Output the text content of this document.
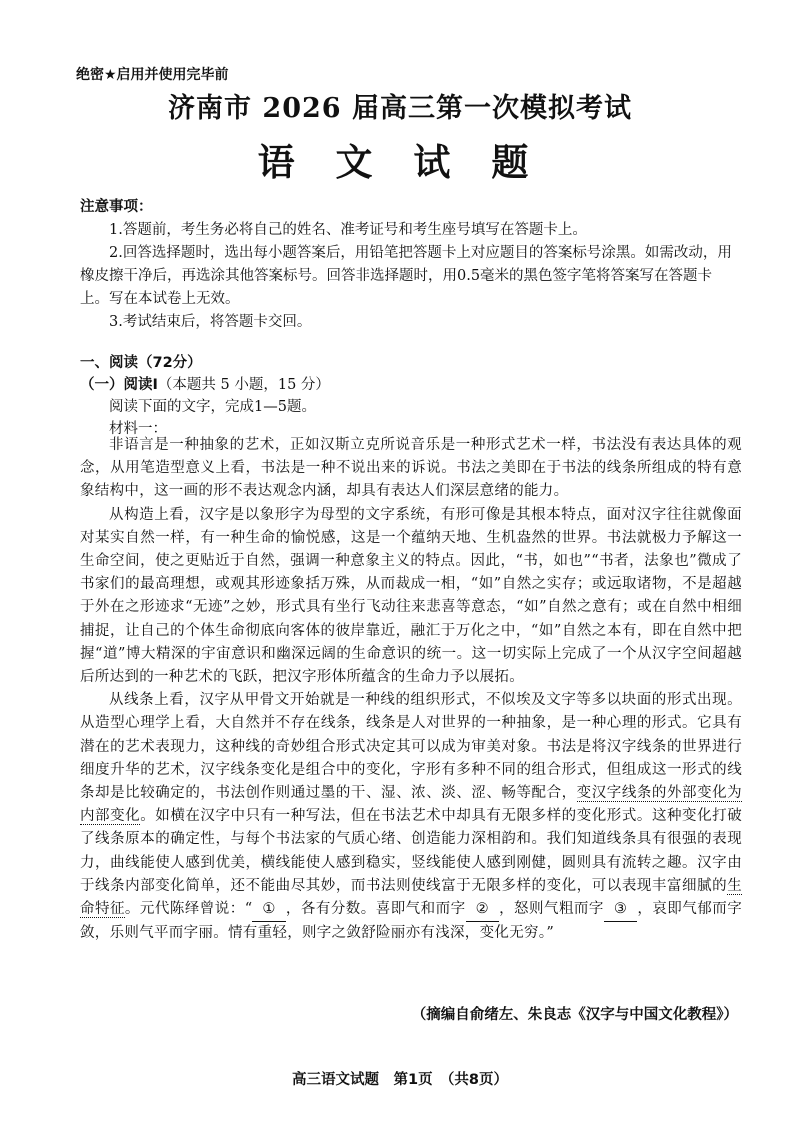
绝密★启用并使用完毕前
济南市 2026 届高三第一次模拟考试
语 文 试 题
注意事项：

1.答题前，考生务必将自己的姓名、准考证号和考生座号填写在答题卡上。

2.回答选择题时，选出每小题答案后，用铅笔把答题卡上对应题目的答案标号涂黑。如需改动，用橡皮擦干净后，再选涂其他答案标号。回答非选择题时，用0.5毫米的黑色签字笔将答案写在答题卡上。写在本试卷上无效。

3.考试结束后，将答题卡交回。

一、阅读（72分）
（一）阅读Ⅰ（本题共 5 小题，15 分）
阅读下面的文字，完成1—5题。
材料一：

非语言是一种抽象的艺术，正如汉斯立克所说音乐是一种形式艺术一样，书法没有表达具体的观念，从用笔造型意义上看，书法是一种不说出来的诉说。书法之美即在于书法的线条所组成的特有意象结构中，这一画的形不表达观念内涵，却具有表达人们深层意绪的能力。

从构造上看，汉字是以象形字为母型的文字系统，有形可像是其根本特点，面对汉字往往就像面对某实自然一样，有一种生命的愉悦感，这是一个蕴纳天地、生机盎然的世界。书法就极力予解这一生命空间，使之更贴近于自然，强调一种意象主义的特点。因此，“书，如也”“书者，法象也”微成了书家们的最高理想，或观其形迹象括万殊，从而裁成一相，“如”自然之实存；或远取诸物，不是超越于外在之形迹求“无迹”之妙，形式具有坐行飞动往来悲喜等意态，“如”自然之意有；或在自然中相细捕捉，让自己的个体生命彻底向客体的彼岸靠近，融汇于万化之中，“如”自然之本有，即在自然中把握“道”博大精深的宇宙意识和幽深远阔的生命意识的统一。这一切实际上完成了一个从汉字空间超越后所达到的一种艺术的飞跃，把汉字形体所蕴含的生命力予以展拓。

从线条上看，汉字从甲骨文开始就是一种线的组织形式，不似埃及文字等多以块面的形式出现。从造型心理学上看，大自然并不存在线条，线条是人对世界的一种抽象，是一种心理的形式。它具有潜在的艺术表现力，这种线的奇妙组合形式决定其可以成为审美对象。书法是将汉字线条的世界进行细度升华的艺术，汉字线条变化是组合中的变化，字形有多种不同的组合形式，但组成这一形式的线条却是比较确定的，书法创作则通过墨的干、湿、浓、淡、涩、畅等配合，变汉字线条的外部变化为内部变化。如横在汉字中只有一种写法，但在书法艺术中却具有无限多样的变化形式。这种变化打破了线条原本的确定性，与每个书法家的气质心绪、创造能力深相韵和。我们知道线条具有很强的表现力，曲线能使人感到优美，横线能使人感到稳实，竖线能使人感到刚健，圆则具有流转之趣。汉字由于线条内部变化简单，还不能曲尽其妙，而书法则使线富于无限多样的变化，可以表现丰富细腻的生命特征。元代陈绎曾说：“ ① ，各有分数。喜即气和而字 ② ，怒则气粗而字 ③ ，哀即气郁而字敛，乐则气平而字丽。情有重轻，则字之敛舒险丽亦有浅深，变化无穷。”

（摘编自俞绪左、朱良志《汉字与中国文化教程》）
高三语文试题　第1页　（共8页）
